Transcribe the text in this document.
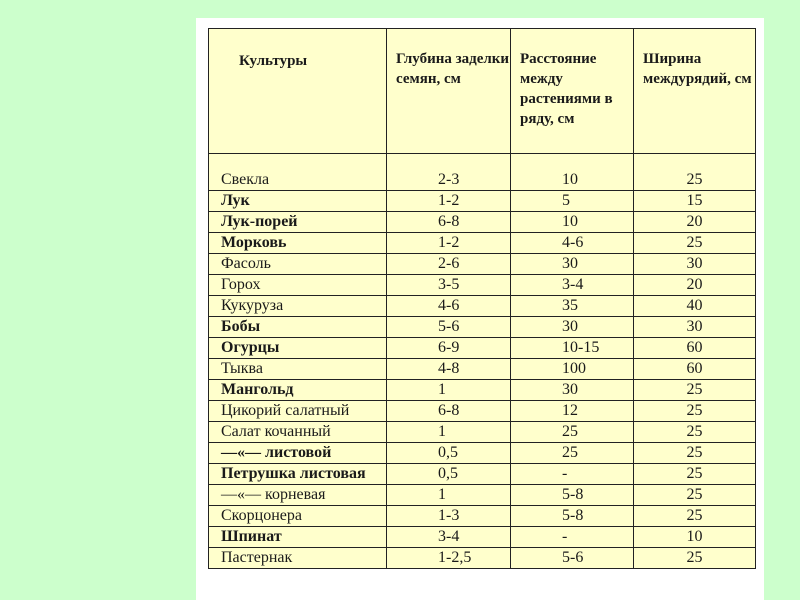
Культуры	Глубина заделки семян, см	Расстояние между растениями в ряду, см	Ширина междурядий, см

Свекла	2-3	10	25
Лук	1-2	5	15
Лук-порей	6-8	10	20
Морковь	1-2	4-6	25
Фасоль	2-6	30	30
Горох	3-5	3-4	20
Кукуруза	4-6	35	40
Бобы	5-6	30	30
Огурцы	6-9	10-15	60
Тыква	4-8	100	60
Мангольд	1	30	25
Цикорий салатный	6-8	12	25
Салат кочанный	1	25	25
—«— листовой	0,5	25	25
Петрушка листовая	0,5	-	25
—«— корневая	1	5-8	25
Скорцонера	1-3	5-8	25
Шпинат	3-4	-	10
Пастернак	1-2,5	5-6	25
